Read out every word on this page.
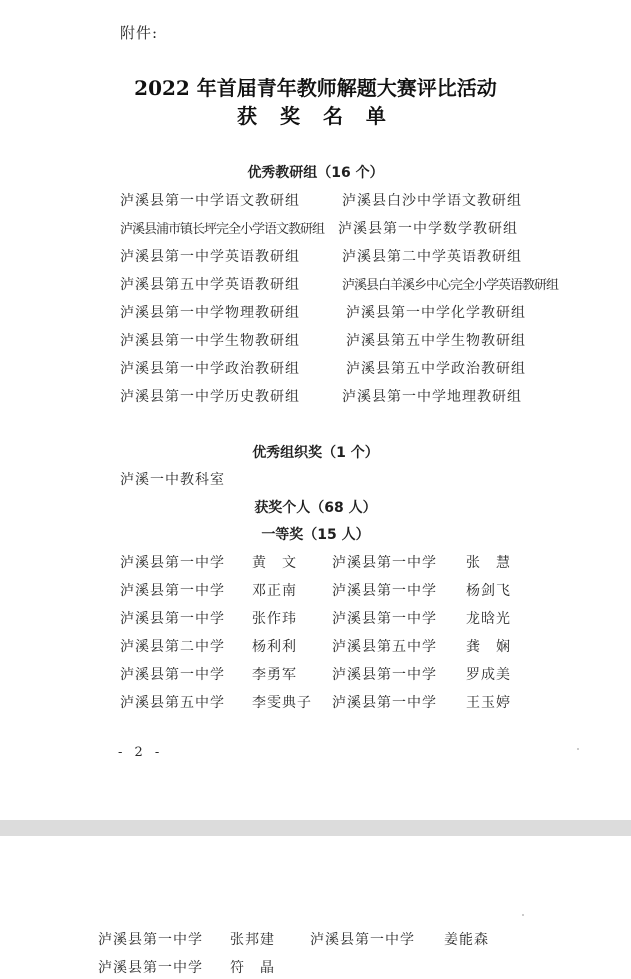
附件:
2022 年首届青年教师解题大赛评比活动
获 奖 名 单
优秀教研组（16 个）
泸溪县第一中学语文教研组	泸溪县白沙中学语文教研组
泸溪县浦市镇长坪完全小学语文教研组 泸溪县第一中学数学教研组
泸溪县第一中学英语教研组	泸溪县第二中学英语教研组
泸溪县第五中学英语教研组	泸溪县白羊溪乡中心完全小学英语教研组
泸溪县第一中学物理教研组	泸溪县第一中学化学教研组
泸溪县第一中学生物教研组	泸溪县第五中学生物教研组
泸溪县第一中学政治教研组	泸溪县第五中学政治教研组
泸溪县第一中学历史教研组	泸溪县第一中学地理教研组
优秀组织奖（1 个）
泸溪一中教科室
获奖个人（68 人）
一等奖（15 人）
泸溪县第一中学 黄　文	泸溪县第一中学 张　慧
泸溪县第一中学 邓正南	泸溪县第一中学 杨剑飞
泸溪县第一中学 张作玮	泸溪县第一中学 龙晗光
泸溪县第二中学 杨利利	泸溪县第五中学 龚　娴
泸溪县第一中学 李勇军	泸溪县第一中学 罗成美
泸溪县第五中学 李雯典子 泸溪县第一中学 王玉婷
- 2 -
泸溪县第一中学 张邦建	泸溪县第一中学 姜能森
泸溪县第一中学 符　晶
